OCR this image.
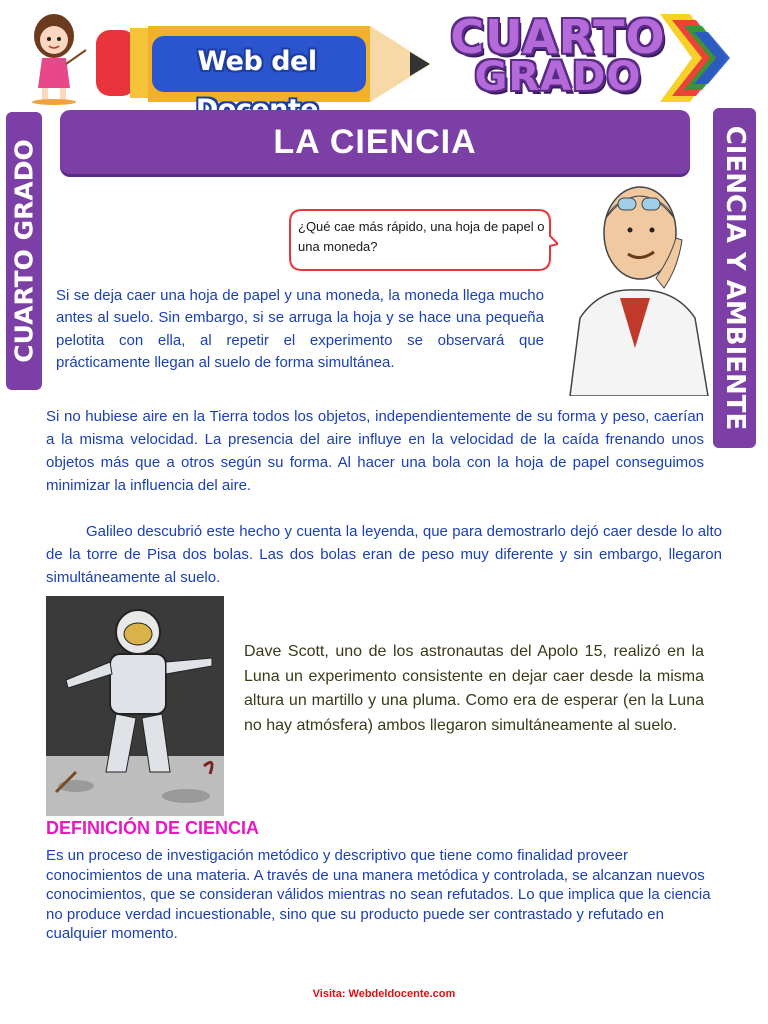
Web del	CUARTO
GRADO
CUARTO GRADO	CIENCIA Y AMBIENTE
LA CIENCIA
¿Qué cae más rápido, una hoja de papel o una moneda?
Si se deja caer una hoja de papel y una moneda, la moneda llega mucho antes al suelo. Sin embargo, si se arruga la hoja y se hace una pequeña pelotita con ella, al repetir el experimento se observará que prácticamente llegan al suelo de forma simultánea.
Si no hubiese aire en la Tierra todos los objetos, independientemente de su forma y peso, caerían a la misma velocidad. La presencia del aire influye en la velocidad de la caída frenando unos objetos más que a otros según su forma. Al hacer una bola con la hoja de papel conseguimos minimizar la influencia del aire.
Galileo descubrió este hecho y cuenta la leyenda, que para demostrarlo dejó caer desde lo alto de la torre de Pisa dos bolas. Las dos bolas eran de peso muy diferente y sin embargo, llegaron simultáneamente al suelo.
Dave Scott, uno de los astronautas del Apolo 15, realizó en la Luna un experimento consistente en dejar caer desde la misma altura un martillo y una pluma. Como era de esperar (en la Luna no hay atmósfera) ambos llegaron simultáneamente al suelo.
DEFINICIÓN DE CIENCIA
Es un proceso de investigación metódico y descriptivo que tiene como finalidad proveer conocimientos de una materia. A través de una manera metódica y controlada, se alcanzan nuevos conocimientos, que se consideran válidos mientras no sean refutados. Lo que implica que la ciencia no produce verdad incuestionable, sino que su producto puede ser contrastado y refutado en cualquier momento.
Visita: Webdeldocente.com
